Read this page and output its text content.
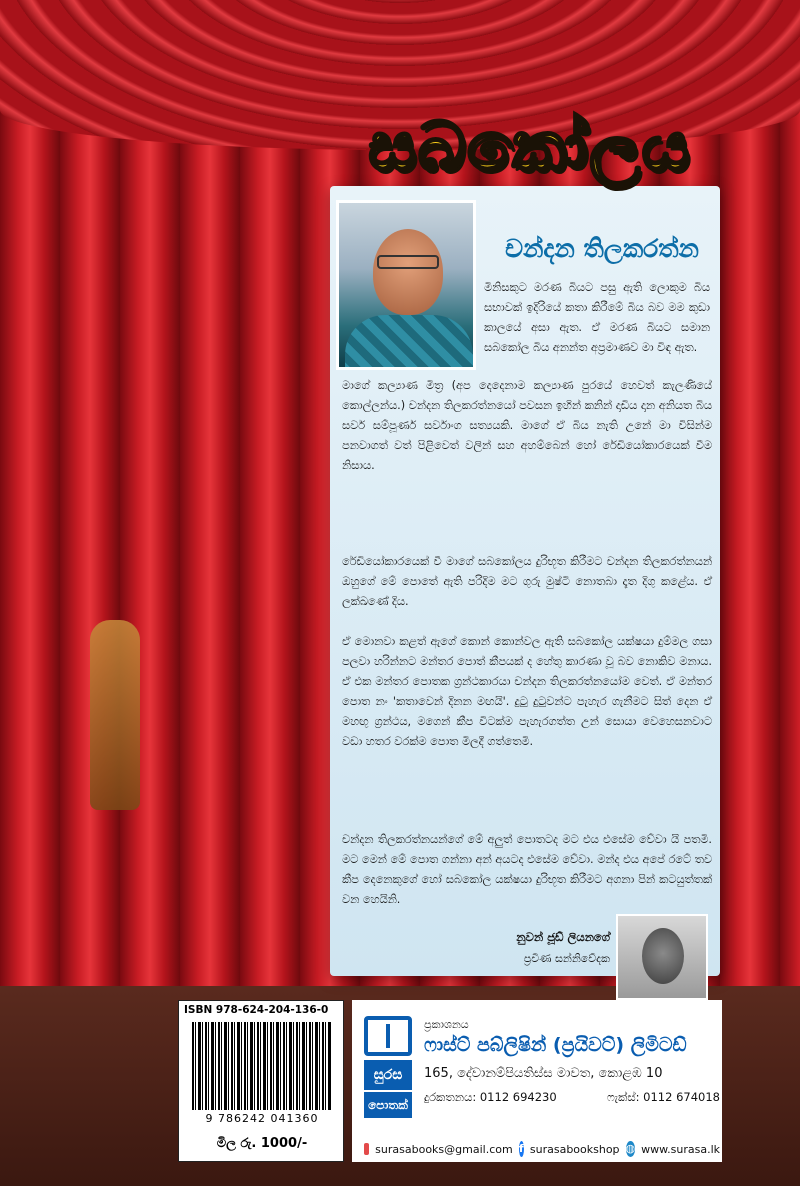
සබකෝලය
චන්දන තිලකරත්න

මිනිසකුට මරණ බියට පසු ඇති ලොකුම බිය සභාවක් ඉදිරියේ කතා කිරීමේ බිය බව මම කුඩා කාලයේ අසා ඇත. ඒ මරණ බියට සමාන සබකෝල බිය අනන්ත අප්‍රමාණව මා විඳ ඇත.

මාගේ කල්‍යාණ මිත්‍ර (අප දෙදෙනාම කල්‍යාණ පුරයේ හෙවත් කැලණියේ කොල්ලන්ය.) චන්දන තිලකරත්නයෝ පවසන ඉහින් කනින් දාඩිය දාන අනියත බිය සර්ව සම්පූර්ණ සර්වාංග සත්‍යයකි. මාගේ ඒ බිය නැති උනේ මා විසින්ම පනවාගත් වත් පිළිවෙත් වලින් සහ අහම්බෙන් හෝ රේඩියෝකාරයෙක් වීම නිසාය.

රේඩියෝකාරයෙක් වී මාගේ සබකෝලය දුරිභූත කිරීමට චන්දන තිලකරත්නයන් ඔහුගේ මේ පොතේ ඇති පරිදිම මට ගුරු මුෂ්ටි නොතබා දෑත දිගු කළේය. ඒ ලක්ඛණේ දිය.

ඒ මොනවා කළත් ඇගේ කොන් කොන්වල ඇති සබකෝල යක්ෂයා දුම්මල ගසා පලවා හරින්නට මන්තර පොත් කීපයක් ද හේතු කාරණා වූ බව නොකිව මනාය. ඒ එක මන්තර පොතක ග්‍රන්ථකාරයා චන්දන තිලකරත්නයෝම වෙත්. ඒ මන්තර පොත නං 'කතාවෙන් දිනන මඟයි'. දුටු දුටුවන්ට පැහැර ගැනීමට සිත් දෙන ඒ මහඟු ග්‍රන්ථය, මගෙන් කීප විටක්ම පැහැරගත්ත උන් සොයා වෙහෙසනවාට වඩා හතර වරක්ම පොත මිලදී ගත්තෙමි.

චන්දන තිලකරත්නයන්ගේ මේ අලුත් පොතටද මට එය එසේම වේවා යි පතමි. මට මෙන් මේ පොත ගන්නා අන් අයටද එසේම වේවා. මන්ද එය අපේ රටේ තව කීප දෙනෙකුගේ හෝ සබකෝල යක්ෂයා දුරිභූත කිරීමට අගනා පින් කටයුත්තක් වන හෙයිනි.

නුවන් ජූඩ් ලියනගේ
ප්‍රවීණ සන්නිවේදක
ISBN 978-624-204-136-0
9 786242 041360
මිල රු. 1000/-
සුරස
පොතක්
ප්‍රකාශනය
ෆාස්ට් පබ්ලිෂින් (ප්‍රයිවට්) ලිමිටඩ්
165, දේවානම්පියතිස්ස මාවත, කොළඹ 10
දුරකතනය: 0112 694230	ෆැක්ස්: 0112 674018
surasabooks@gmail.com f surasabookshop ◍ www.surasa.lk
